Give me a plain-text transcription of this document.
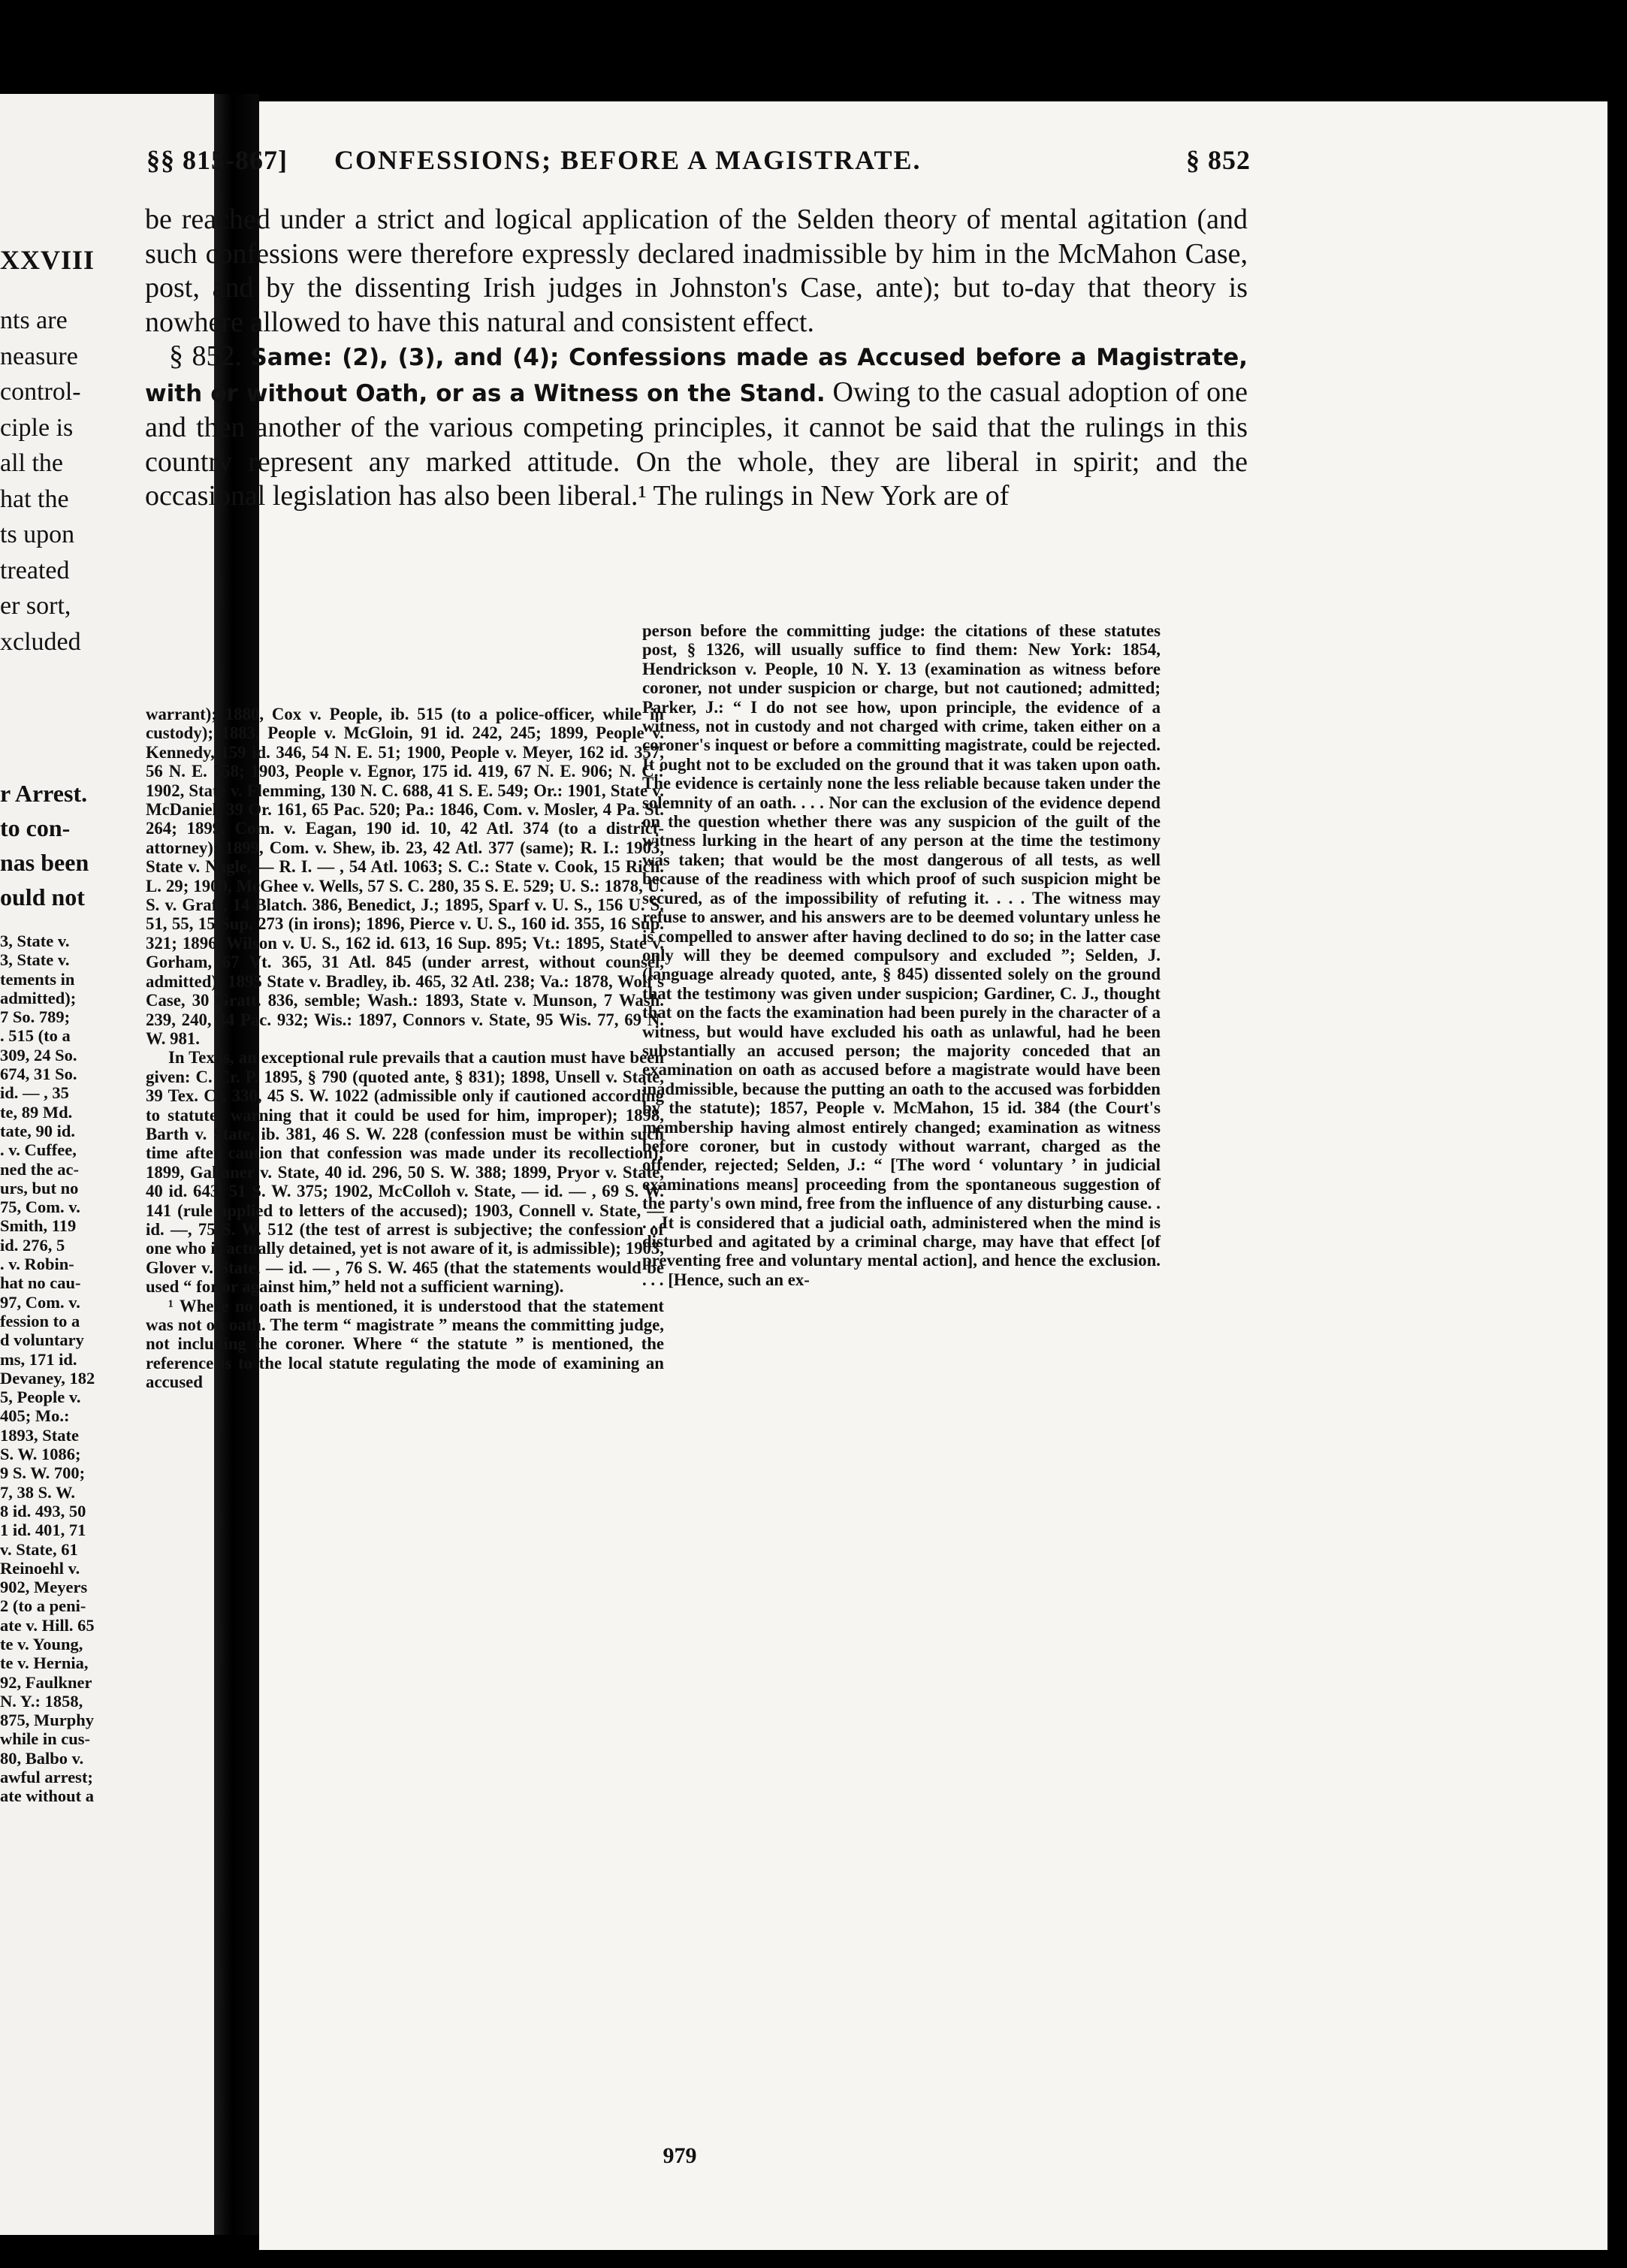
XXVIII
nts are
neasure
control-
ciple is
all the
hat the
ts upon
treated
er sort,
xcluded
r Arrest.
to con-
nas been
ould not
3, State v.
3, State v.
tements in
admitted);
7 So. 789;
. 515 (to a
309, 24 So.
674, 31 So.
id. — , 35
te, 89 Md.
tate, 90 id.
. v. Cuffee,
ned the ac-
urs, but no
75, Com. v.
Smith, 119
id. 276, 5
. v. Robin-
hat no cau-
97, Com. v.
fession to a
d voluntary
ms, 171 id.
Devaney, 182
5, People v.
405; Mo.:
1893, State
S. W. 1086;
9 S. W. 700;
7, 38 S. W.
8 id. 493, 50
1 id. 401, 71
v. State, 61
Reinoehl v.
902, Meyers
2 (to a peni-
ate v. Hill. 65
te v. Young,
te v. Hernia,
92, Faulkner
N. Y.: 1858,
875, Murphy
while in cus-
80, Balbo v.
awful arrest;
ate without a
§§ 815-867] CONFESSIONS; BEFORE A MAGISTRATE.	§ 852

be reached under a strict and logical application of the Selden theory of mental agitation (and such confessions were therefore expressly declared inadmissible by him in the McMahon Case, post, and by the dissenting Irish judges in Johnston's Case, ante); but to-day that theory is nowhere allowed to have this natural and consistent effect.

§ 852. Same: (2), (3), and (4); Confessions made as Accused before a Magistrate, with or without Oath, or as a Witness on the Stand. Owing to the casual adoption of one and then another of the various competing principles, it cannot be said that the rulings in this country represent any marked attitude. On the whole, they are liberal in spirit; and the occasional legislation has also been liberal.¹ The rulings in New York are of

warrant); 1880, Cox v. People, ib. 515 (to a police-officer, while in custody); 1883, People v. McGloin, 91 id. 242, 245; 1899, People v. Kennedy, 159 id. 346, 54 N. E. 51; 1900, People v. Meyer, 162 id. 357, 56 N. E. 758; 1903, People v. Egnor, 175 id. 419, 67 N. E. 906; N. C.: 1902, State v. Flemming, 130 N. C. 688, 41 S. E. 549; Or.: 1901, State v. McDaniel, 39 Or. 161, 65 Pac. 520; Pa.: 1846, Com. v. Mosler, 4 Pa. St. 264; 1899, Com. v. Eagan, 190 id. 10, 42 Atl. 374 (to a district-attorney); 1899, Com. v. Shew, ib. 23, 42 Atl. 377 (same); R. I.: 1903, State v. Nagle, — R. I. — , 54 Atl. 1063; S. C.: State v. Cook, 15 Rich. L. 29; 1900, McGhee v. Wells, 57 S. C. 280, 35 S. E. 529; U. S.: 1878, U. S. v. Graff, 14 Blatch. 386, Benedict, J.; 1895, Sparf v. U. S., 156 U. S. 51, 55, 15 Sup. 273 (in irons); 1896, Pierce v. U. S., 160 id. 355, 16 Sup. 321; 1896, Wilson v. U. S., 162 id. 613, 16 Sup. 895; Vt.: 1895, State v. Gorham, 67 Vt. 365, 31 Atl. 845 (under arrest, without counsel, admitted); 1895 State v. Bradley, ib. 465, 32 Atl. 238; Va.: 1878, Wolf's Case, 30 Gratt. 836, semble; Wash.: 1893, State v. Munson, 7 Wash. 239, 240, 34 Pac. 932; Wis.: 1897, Connors v. State, 95 Wis. 77, 69 N. W. 981.

In Texas, an exceptional rule prevails that a caution must have been given: C. Cr. P. 1895, § 790 (quoted ante, § 831); 1898, Unsell v. State, 39 Tex. Cr. 330, 45 S. W. 1022 (admissible only if cautioned according to statute; warning that it could be used for him, improper); 1898, Barth v. State, ib. 381, 46 S. W. 228 (confession must be within such time after caution that confession was made under its recollection); 1899, Gallaner v. State, 40 id. 296, 50 S. W. 388; 1899, Pryor v. State, 40 id. 643, 51 S. W. 375; 1902, McColloh v. State, — id. — , 69 S. W. 141 (rule applied to letters of the accused); 1903, Connell v. State, — id. —, 75 S. W. 512 (the test of arrest is subjective; the confession of one who is actually detained, yet is not aware of it, is admissible); 1903, Glover v. State, — id. — , 76 S. W. 465 (that the statements would be used “ for or against him,” held not a sufficient warning).

¹ Where no oath is mentioned, it is understood that the statement was not on oath. The term “ magistrate ” means the committing judge, not including the coroner. Where “ the statute ” is mentioned, the reference is to the local statute regulating the mode of examining an accused

person before the committing judge: the citations of these statutes post, § 1326, will usually suffice to find them: New York: 1854, Hendrickson v. People, 10 N. Y. 13 (examination as witness before coroner, not under suspicion or charge, but not cautioned; admitted; Parker, J.: “ I do not see how, upon principle, the evidence of a witness, not in custody and not charged with crime, taken either on a coroner's inquest or before a committing magistrate, could be rejected. It ought not to be excluded on the ground that it was taken upon oath. The evidence is certainly none the less reliable because taken under the solemnity of an oath. . . . Nor can the exclusion of the evidence depend on the question whether there was any suspicion of the guilt of the witness lurking in the heart of any person at the time the testimony was taken; that would be the most dangerous of all tests, as well because of the readiness with which proof of such suspicion might be secured, as of the impossibility of refuting it. . . . The witness may refuse to answer, and his answers are to be deemed voluntary unless he is compelled to answer after having declined to do so; in the latter case only will they be deemed compulsory and excluded ”; Selden, J. (language already quoted, ante, § 845) dissented solely on the ground that the testimony was given under suspicion; Gardiner, C. J., thought that on the facts the examination had been purely in the character of a witness, but would have excluded his oath as unlawful, had he been substantially an accused person; the majority conceded that an examination on oath as accused before a magistrate would have been inadmissible, because the putting an oath to the accused was forbidden by the statute); 1857, People v. McMahon, 15 id. 384 (the Court's membership having almost entirely changed; examination as witness before coroner, but in custody without warrant, charged as the offender, rejected; Selden, J.: “ [The word ‘ voluntary ’ in judicial examinations means] proceeding from the spontaneous suggestion of the party's own mind, free from the influence of any disturbing cause. . . . It is considered that a judicial oath, administered when the mind is disturbed and agitated by a criminal charge, may have that effect [of preventing free and voluntary mental action], and hence the exclusion. . . . [Hence, such an ex-

979
